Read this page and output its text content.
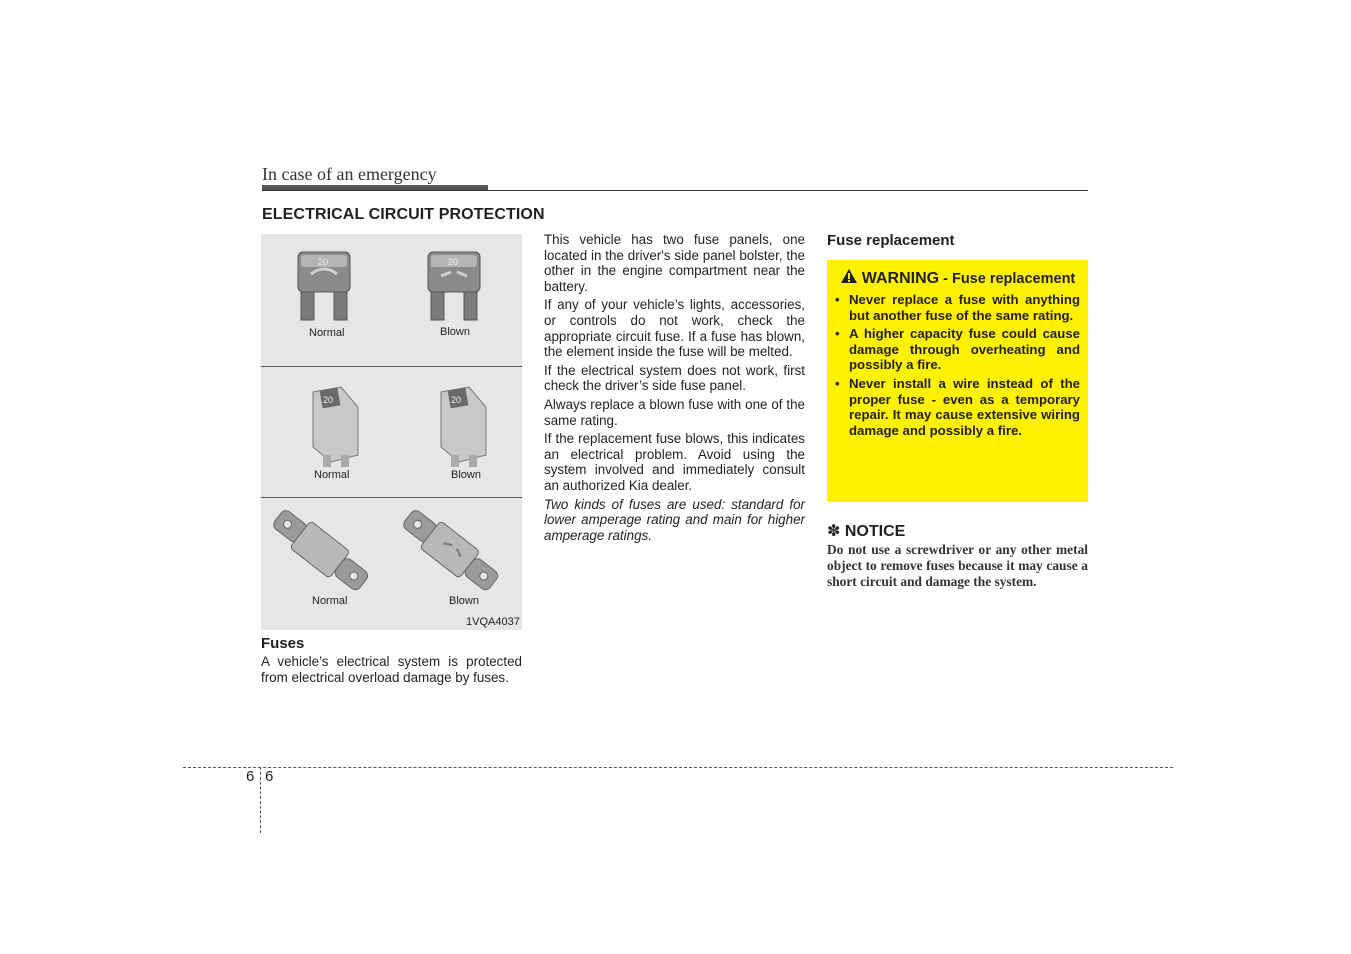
In case of an emergency
ELECTRICAL CIRCUIT PROTECTION
20	20
Normal	Blown
20	20
Normal	Blown
Normal	Blown
1VQA4037
Fuses
A vehicle’s electrical system is protected from electrical overload damage by fuses.

This vehicle has two fuse panels, one located in the driver's side panel bolster, the other in the engine compartment near the battery.

If any of your vehicle’s lights, accessories, or controls do not work, check the appropriate circuit fuse. If a fuse has blown, the element inside the fuse will be melted.

If the electrical system does not work, first check the driver’s side fuse panel.

Always replace a blown fuse with one of the same rating.

If the replacement fuse blows, this indicates an electrical problem. Avoid using the system involved and immediately consult an authorized Kia dealer.

Two kinds of fuses are used: standard for lower amperage rating and main for higher amperage ratings.

Fuse replacement
WARNING - Fuse replacement
• Never replace a fuse with anything but another fuse of the same rating.
• A higher capacity fuse could cause damage through overheating and possibly a fire.
• Never install a wire instead of the proper fuse - even as a temporary repair. It may cause extensive wiring damage and possibly a fire.
✽ NOTICE
Do not use a screwdriver or any other metal object to remove fuses because it may cause a short circuit and damage the system.
6 6
